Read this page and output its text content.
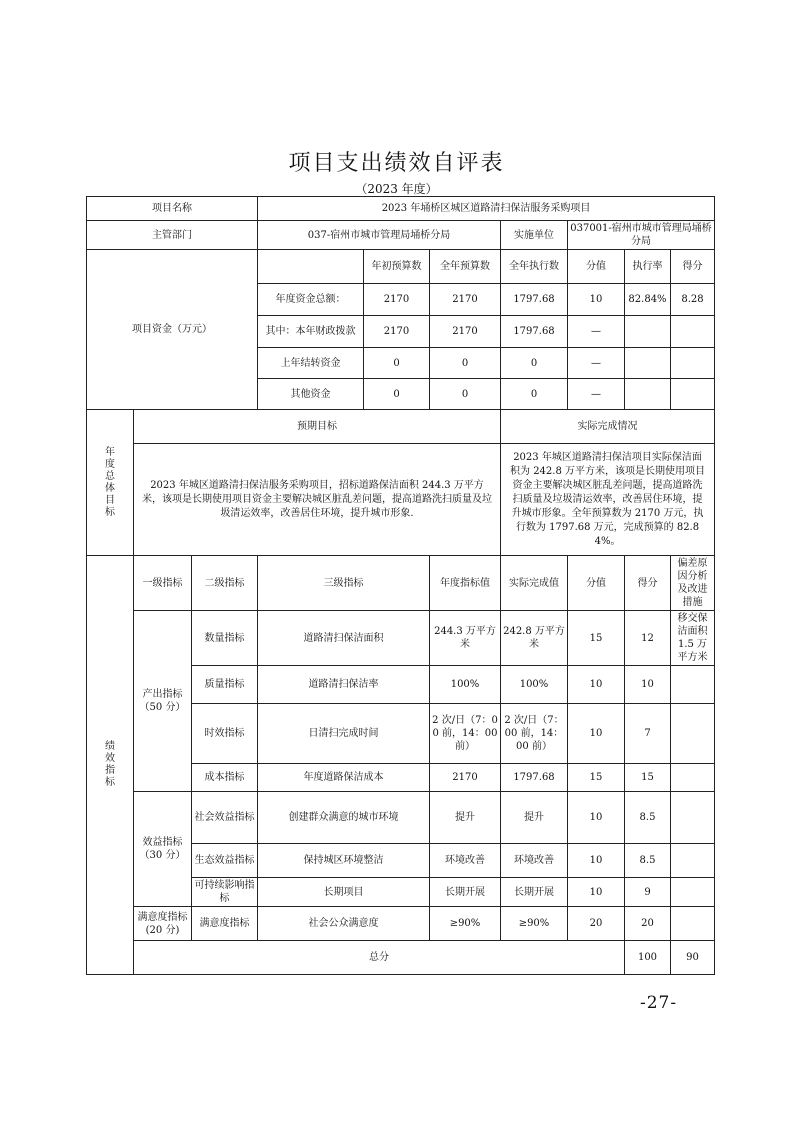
项目支出绩效自评表
（2023 年度）
项目名称			2023 年埇桥区城区道路清扫保洁服务采购项目							
主管部门			037-宿州市城市管理局埇桥分局			实施单位	037001-宿州市城市管理局埇桥分局			
项目资金（万元）				年初预算数	全年预算数	全年执行数	分值	执行率	得分	
			年度资金总额：	2170	2170	1797.68	10	82.84%	8.28	
			其中：本年财政拨款	2170	2170	1797.68	—			
			上年结转资金	0	0	0	—			
			其他资金	0	0	0	—			
年度总体目标	预期目标					实际完成情况				
	2023 年城区道路清扫保洁服务采购项目，招标道路保洁面积 244.3 万平方米，该项是长期使用项目资金主要解决城区脏乱差问题，提高道路洗扫质量及垃圾清运效率，改善居住环境，提升城市形象.					2023 年城区道路清扫保洁项目实际保洁面积为 242.8 万平方米，该项是长期使用项目资金主要解决城区脏乱差问题，提高道路洗扫质量及垃圾清运效率，改善居住环境，提升城市形象。全年预算数为 2170 万元，执行数为 1797.68 万元，完成预算的 82.84%。				
绩效指标	一级指标	二级指标	三级指标		年度指标值	实际完成值	分值	得分	偏差原因分析及改进措施	
	产出指标（50 分）	数量指标	道路清扫保洁面积		244.3 万平方米	242.8 万平方米	15	12	移交保洁面积 1.5 万平方米	
		质量指标	道路清扫保洁率		100%	100%	10	10		
		时效指标	日清扫完成时间		2 次/日（7：00 前，14：00 前）	2 次/日（7：00 前，14：00 前）	10	7		
		成本指标	年度道路保洁成本		2170	1797.68	15	15		
	效益指标（30 分）	社会效益指标	创建群众满意的城市环境		提升	提升	10	8.5		
		生态效益指标	保持城区环境整洁		环境改善	环境改善	10	8.5		
		可持续影响指标	长期项目		长期开展	长期开展	10	9		
	满意度指标(20 分)	满意度指标	社会公众满意度		≥90%	≥90%	20	20		
	总分							100	90	
-27-
